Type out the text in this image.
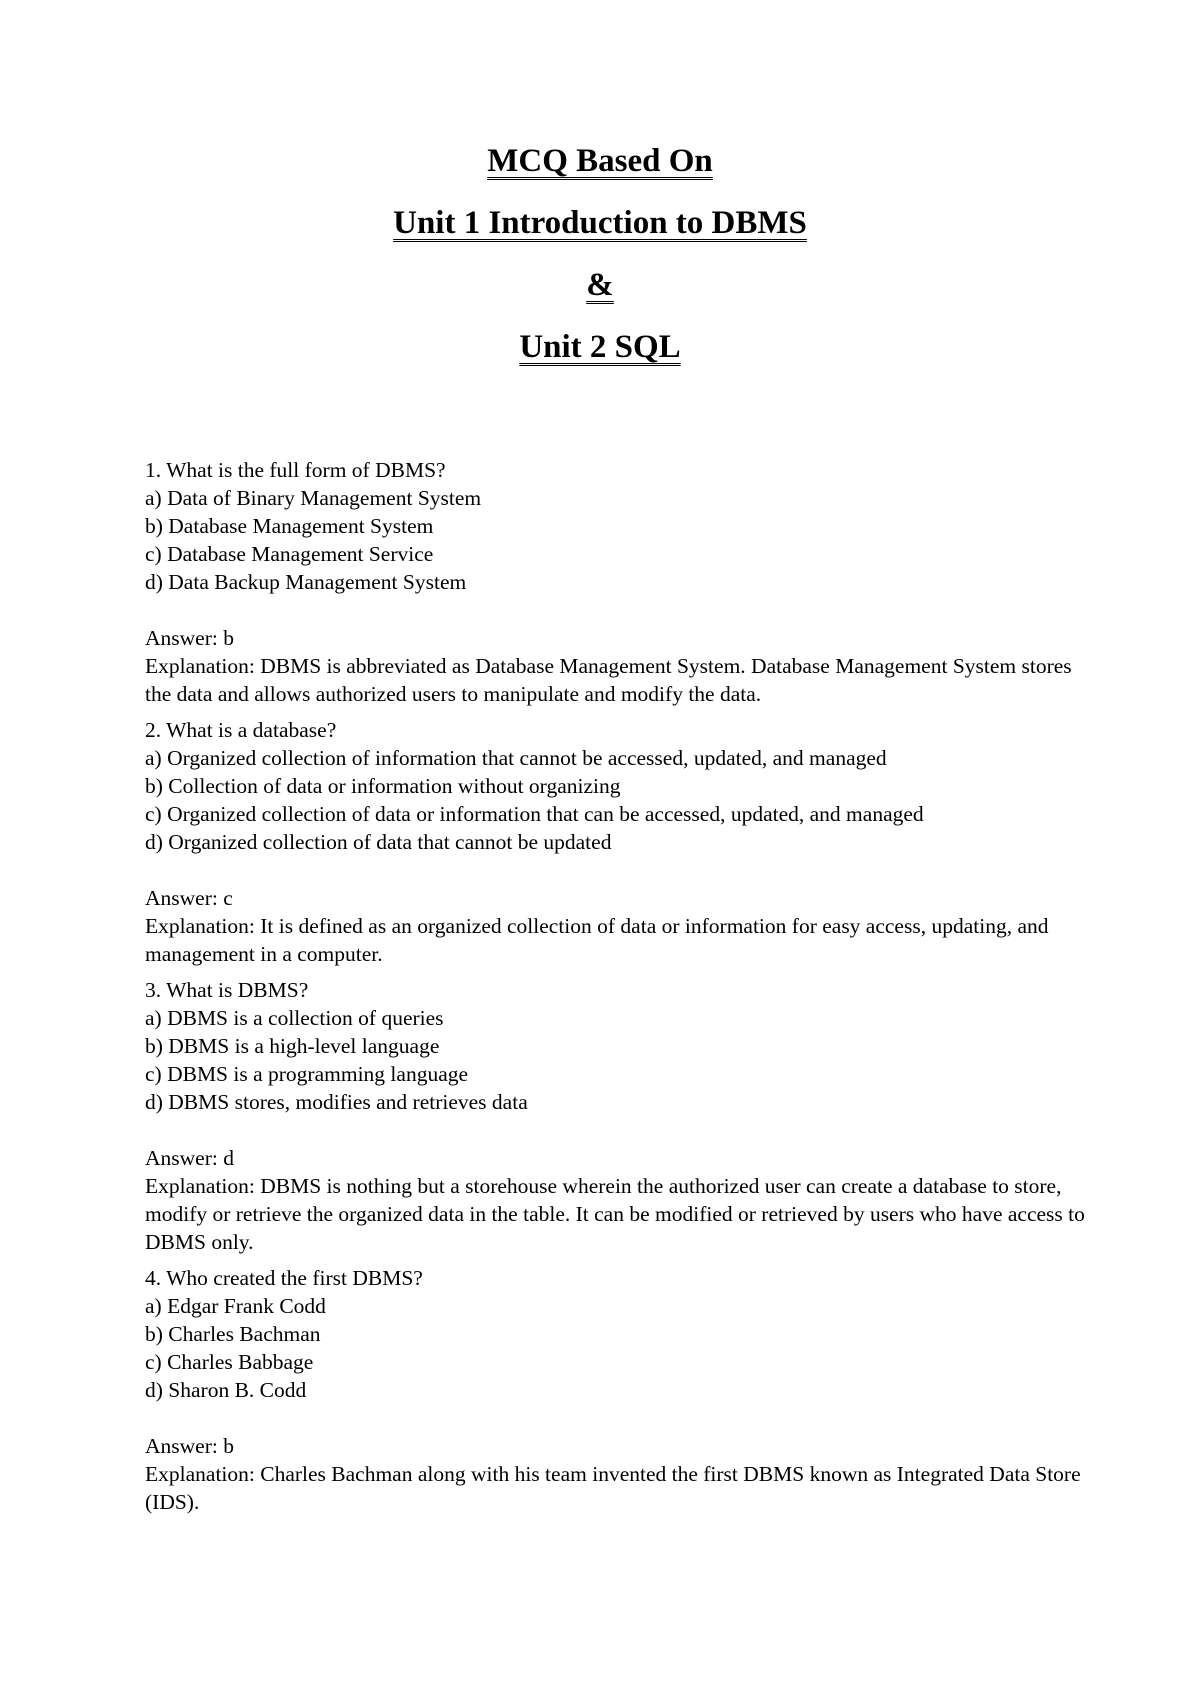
MCQ Based On
Unit 1 Introduction to DBMS
&
Unit 2 SQL
1. What is the full form of DBMS?
a) Data of Binary Management System
b) Database Management System
c) Database Management Service
d) Data Backup Management System
Answer: b
Explanation: DBMS is abbreviated as Database Management System. Database Management System stores the data and allows authorized users to manipulate and modify the data.
2. What is a database?
a) Organized collection of information that cannot be accessed, updated, and managed
b) Collection of data or information without organizing
c) Organized collection of data or information that can be accessed, updated, and managed
d) Organized collection of data that cannot be updated
Answer: c
Explanation: It is defined as an organized collection of data or information for easy access, updating, and management in a computer.
3. What is DBMS?
a) DBMS is a collection of queries
b) DBMS is a high-level language
c) DBMS is a programming language
d) DBMS stores, modifies and retrieves data
Answer: d
Explanation: DBMS is nothing but a storehouse wherein the authorized user can create a database to store, modify or retrieve the organized data in the table. It can be modified or retrieved by users who have access to DBMS only.
4. Who created the first DBMS?
a) Edgar Frank Codd
b) Charles Bachman
c) Charles Babbage
d) Sharon B. Codd
Answer: b
Explanation: Charles Bachman along with his team invented the first DBMS known as Integrated Data Store (IDS).
